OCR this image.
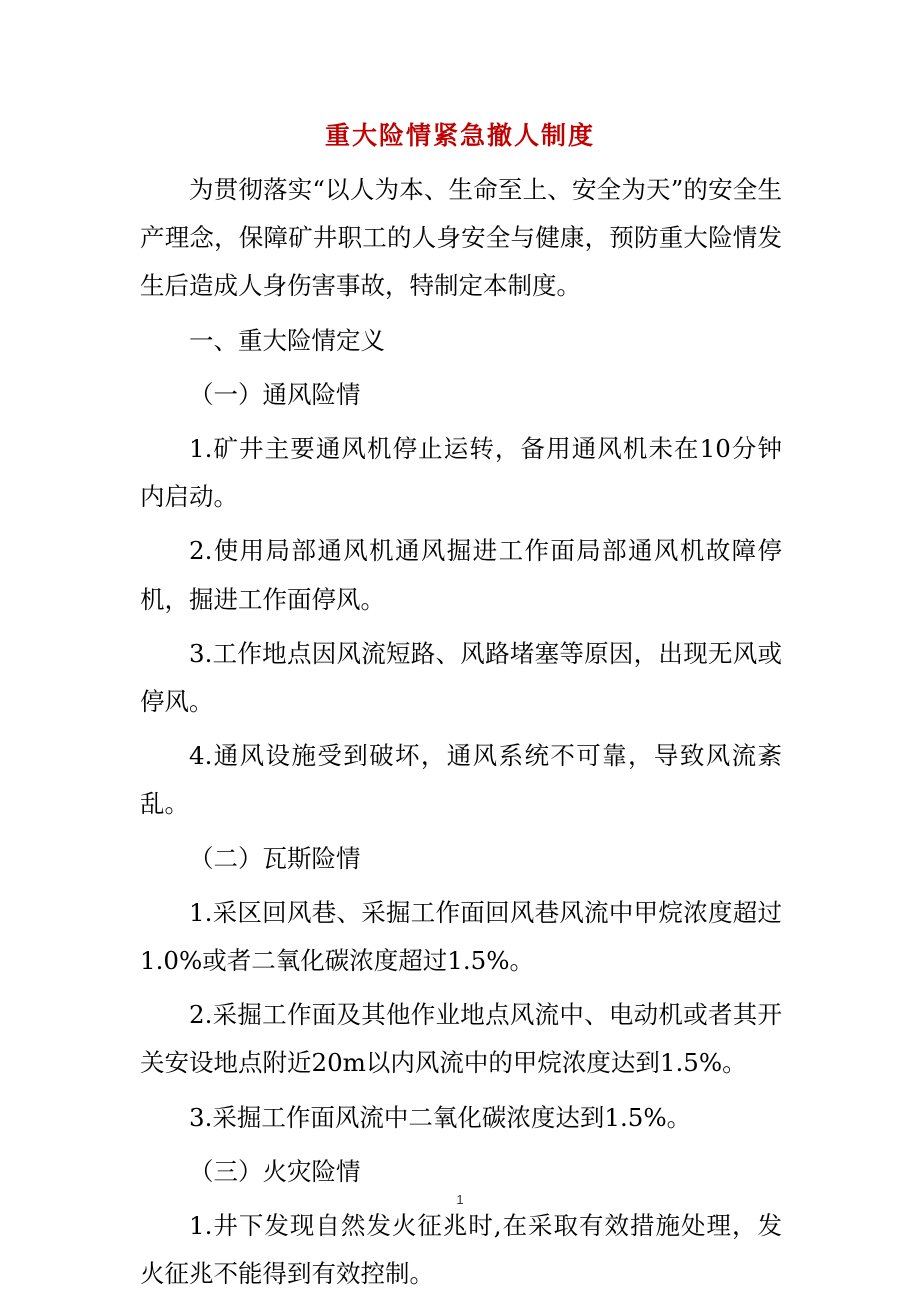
重大险情紧急撤人制度

为贯彻落实“以人为本、生命至上、安全为天”的安全生产理念，保障矿井职工的人身安全与健康，预防重大险情发生后造成人身伤害事故，特制定本制度。

一、重大险情定义

（一）通风险情

1.矿井主要通风机停止运转，备用通风机未在10分钟内启动。

2.使用局部通风机通风掘进工作面局部通风机故障停机，掘进工作面停风。

3.工作地点因风流短路、风路堵塞等原因，出现无风或停风。

4.通风设施受到破坏，通风系统不可靠，导致风流紊乱。

（二）瓦斯险情

1.采区回风巷、采掘工作面回风巷风流中甲烷浓度超过1.0%或者二氧化碳浓度超过1.5%。

2.采掘工作面及其他作业地点风流中、电动机或者其开关安设地点附近20m以内风流中的甲烷浓度达到1.5%。

3.采掘工作面风流中二氧化碳浓度达到1.5%。

（三）火灾险情

1.井下发现自然发火征兆时,在采取有效措施处理，发火征兆不能得到有效控制。

1
